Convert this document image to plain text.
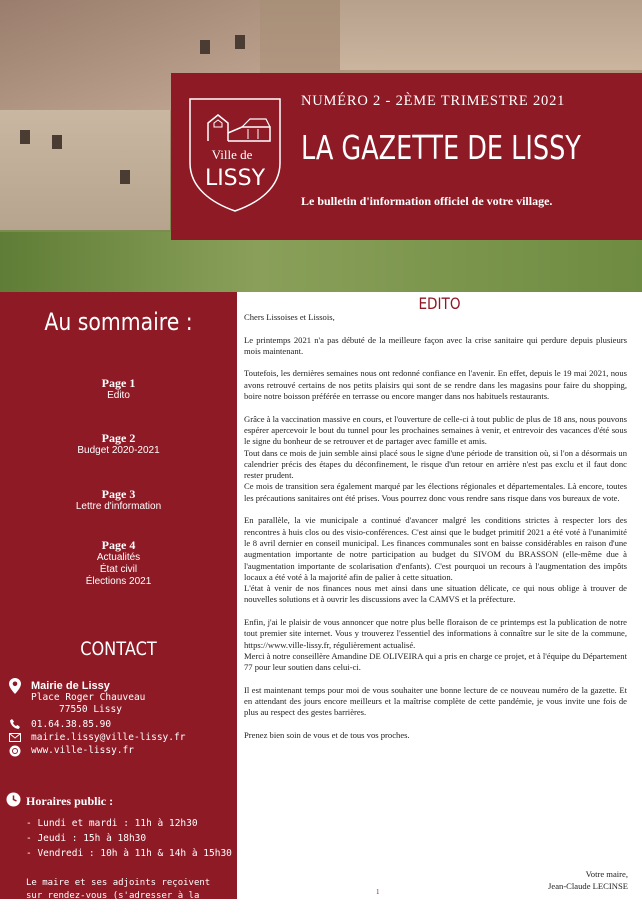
Ville de
LISSY
NUMÉRO 2 - 2ÈME TRIMESTRE 2021
LA GAZETTE DE LISSY
Le bulletin d'information officiel de votre village.
Au sommaire :
Page 1
Edito
Page 2
Budget 2020-2021
Page 3
Lettre d'information
Page 4
Actualités
État civil
Élections 2021
CONTACT
Mairie de Lissy
Place Roger Chauveau
77550 Lissy
01.64.38.85.90
mairie.lissy@ville-lissy.fr
www.ville-lissy.fr
Horaires public :
- Lundi et mardi : 11h à 12h30
- Jeudi : 15h à 18h30
- Vendredi : 10h à 11h & 14h à 15h30
Le maire et ses adjoints reçoivent sur rendez-vous (s'adresser à la secrétaire).
EDITO

Chers Lissoises et Lissois,

Le printemps 2021 n'a pas débuté de la meilleure façon avec la crise sanitaire qui perdure depuis plusieurs mois maintenant.

Toutefois, les dernières semaines nous ont redonné confiance en l'avenir. En effet, depuis le 19 mai 2021, nous avons retrouvé certains de nos petits plaisirs qui sont de se rendre dans les magasins pour faire du shopping, boire notre boisson préférée en terrasse ou encore manger dans nos habituels restaurants.

Grâce à la vaccination massive en cours, et l'ouverture de celle-ci à tout public de plus de 18 ans, nous pouvons espérer apercevoir le bout du tunnel pour les prochaines semaines à venir, et entrevoir des vacances d'été sous le signe du bonheur de se retrouver et de partager avec famille et amis.

Tout dans ce mois de juin semble ainsi placé sous le signe d'une période de transition où, si l'on a désormais un calendrier précis des étapes du déconfinement, le risque d'un retour en arrière n'est pas exclu et il faut donc rester prudent.

Ce mois de transition sera également marqué par les élections régionales et départementales. Là encore, toutes les précautions sanitaires ont été prises. Vous pourrez donc vous rendre sans risque dans vos bureaux de vote.

En parallèle, la vie municipale a continué d'avancer malgré les conditions strictes à respecter lors des rencontres à huis clos ou des visio-conférences. C'est ainsi que le budget primitif 2021 a été voté à l'unanimité le 8 avril dernier en conseil municipal. Les finances communales sont en baisse considérables en raison d'une augmentation importante de notre participation au budget du SIVOM du BRASSON (elle-même due à l'augmentation importante de scolarisation d'enfants). C'est pourquoi un recours à l'augmentation des impôts locaux a été voté à la majorité afin de palier à cette situation.

L'état à venir de nos finances nous met ainsi dans une situation délicate, ce qui nous oblige à trouver de nouvelles solutions et à ouvrir les discussions avec la CAMVS et la préfecture.

Enfin, j'ai le plaisir de vous annoncer que notre plus belle floraison de ce printemps est la publication de notre tout premier site internet. Vous y trouverez l'essentiel des informations à connaître sur le site de la commune, https://www.ville-lissy.fr, régulièrement actualisé.

Merci à notre conseillère Amandine DE OLIVEIRA qui a pris en charge ce projet, et à l'équipe du Département 77 pour leur soutien dans celui-ci.

Il est maintenant temps pour moi de vous souhaiter une bonne lecture de ce nouveau numéro de la gazette. Et en attendant des jours encore meilleurs et la maîtrise complète de cette pandémie, je vous invite une fois de plus au respect des gestes barrières.

Prenez bien soin de vous et de tous vos proches.

Votre maire,
Jean-Claude LECINSE
1
